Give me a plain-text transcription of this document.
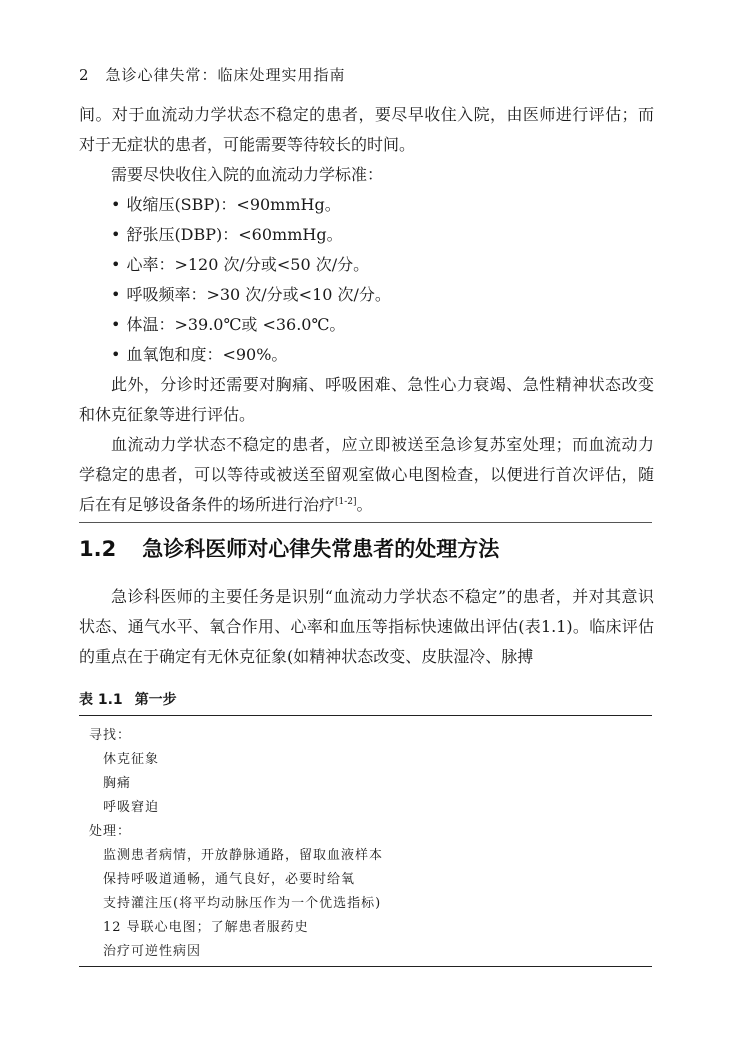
2 急诊心律失常：临床处理实用指南

间。对于血流动力学状态不稳定的患者，要尽早收住入院，由医师进行评估；而对于无症状的患者，可能需要等待较长的时间。

需要尽快收住入院的血流动力学标准：

• 收缩压(SBP)：<90mmHg。
• 舒张压(DBP)：<60mmHg。
• 心率：>120 次/分或<50 次/分。
• 呼吸频率：>30 次/分或<10 次/分。
• 体温：>39.0℃或 <36.0℃。
• 血氧饱和度：<90%。

此外，分诊时还需要对胸痛、呼吸困难、急性心力衰竭、急性精神状态改变和休克征象等进行评估。

血流动力学状态不稳定的患者，应立即被送至急诊复苏室处理；而血流动力学稳定的患者，可以等待或被送至留观室做心电图检查，以便进行首次评估，随后在有足够设备条件的场所进行治疗[1-2]。

1.2 急诊科医师对心律失常患者的处理方法

急诊科医师的主要任务是识别“血流动力学状态不稳定”的患者，并对其意识状态、通气水平、氧合作用、心率和血压等指标快速做出评估(表1.1)。临床评估的重点在于确定有无休克征象(如精神状态改变、皮肤湿冷、脉搏

表 1.1 第一步
寻找：
休克征象
胸痛
呼吸窘迫
处理：
监测患者病情，开放静脉通路，留取血液样本
保持呼吸道通畅，通气良好，必要时给氧
支持灌注压(将平均动脉压作为一个优选指标)
12 导联心电图；了解患者服药史
治疗可逆性病因
